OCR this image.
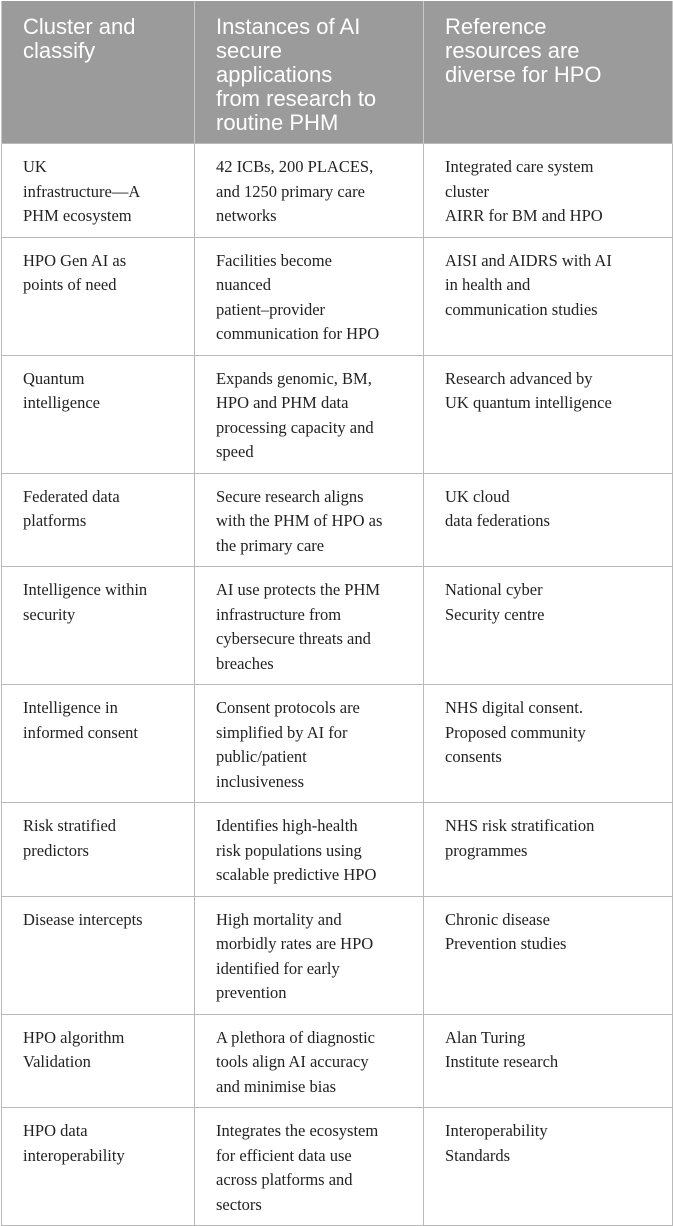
Cluster and
classify	Instances of AI
secure
applications
from research to
routine PHM	Reference
resources are
diverse for HPO

UK
infrastructure—A
PHM ecosystem	42 ICBs, 200 PLACES,
and 1250 primary care
networks	Integrated care system
cluster
AIRR for BM and HPO

HPO Gen AI as
points of need	Facilities become
nuanced
patient–provider
communication for HPO	AISI and AIDRS with AI
in health and
communication studies

Quantum
intelligence	Expands genomic, BM,
HPO and PHM data
processing capacity and
speed	Research advanced by
UK quantum intelligence

Federated data
platforms	Secure research aligns
with the PHM of HPO as
the primary care	UK cloud
data federations

Intelligence within
security	AI use protects the PHM
infrastructure from
cybersecure threats and
breaches	National cyber
Security centre

Intelligence in
informed consent	Consent protocols are
simplified by AI for
public/patient
inclusiveness	NHS digital consent.
Proposed community
consents

Risk stratified
predictors	Identifies high-health
risk populations using
scalable predictive HPO	NHS risk stratification
programmes

Disease intercepts	High mortality and
morbidly rates are HPO
identified for early
prevention	Chronic disease
Prevention studies

HPO algorithm
Validation	A plethora of diagnostic
tools align AI accuracy
and minimise bias	Alan Turing
Institute research

HPO data
interoperability	Integrates the ecosystem
for efficient data use
across platforms and
sectors	Interoperability
Standards
